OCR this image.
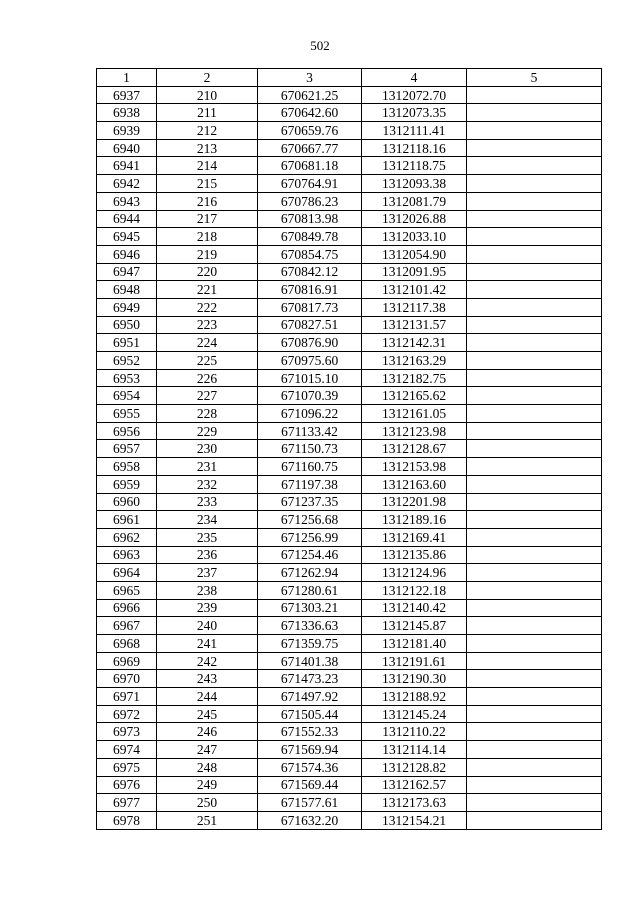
502
1	2	3	4	5
6937	210	670621.25	1312072.70	
6938	211	670642.60	1312073.35	
6939	212	670659.76	1312111.41	
6940	213	670667.77	1312118.16	
6941	214	670681.18	1312118.75	
6942	215	670764.91	1312093.38	
6943	216	670786.23	1312081.79	
6944	217	670813.98	1312026.88	
6945	218	670849.78	1312033.10	
6946	219	670854.75	1312054.90	
6947	220	670842.12	1312091.95	
6948	221	670816.91	1312101.42	
6949	222	670817.73	1312117.38	
6950	223	670827.51	1312131.57	
6951	224	670876.90	1312142.31	
6952	225	670975.60	1312163.29	
6953	226	671015.10	1312182.75	
6954	227	671070.39	1312165.62	
6955	228	671096.22	1312161.05	
6956	229	671133.42	1312123.98	
6957	230	671150.73	1312128.67	
6958	231	671160.75	1312153.98	
6959	232	671197.38	1312163.60	
6960	233	671237.35	1312201.98	
6961	234	671256.68	1312189.16	
6962	235	671256.99	1312169.41	
6963	236	671254.46	1312135.86	
6964	237	671262.94	1312124.96	
6965	238	671280.61	1312122.18	
6966	239	671303.21	1312140.42	
6967	240	671336.63	1312145.87	
6968	241	671359.75	1312181.40	
6969	242	671401.38	1312191.61	
6970	243	671473.23	1312190.30	
6971	244	671497.92	1312188.92	
6972	245	671505.44	1312145.24	
6973	246	671552.33	1312110.22	
6974	247	671569.94	1312114.14	
6975	248	671574.36	1312128.82	
6976	249	671569.44	1312162.57	
6977	250	671577.61	1312173.63	
6978	251	671632.20	1312154.21	
